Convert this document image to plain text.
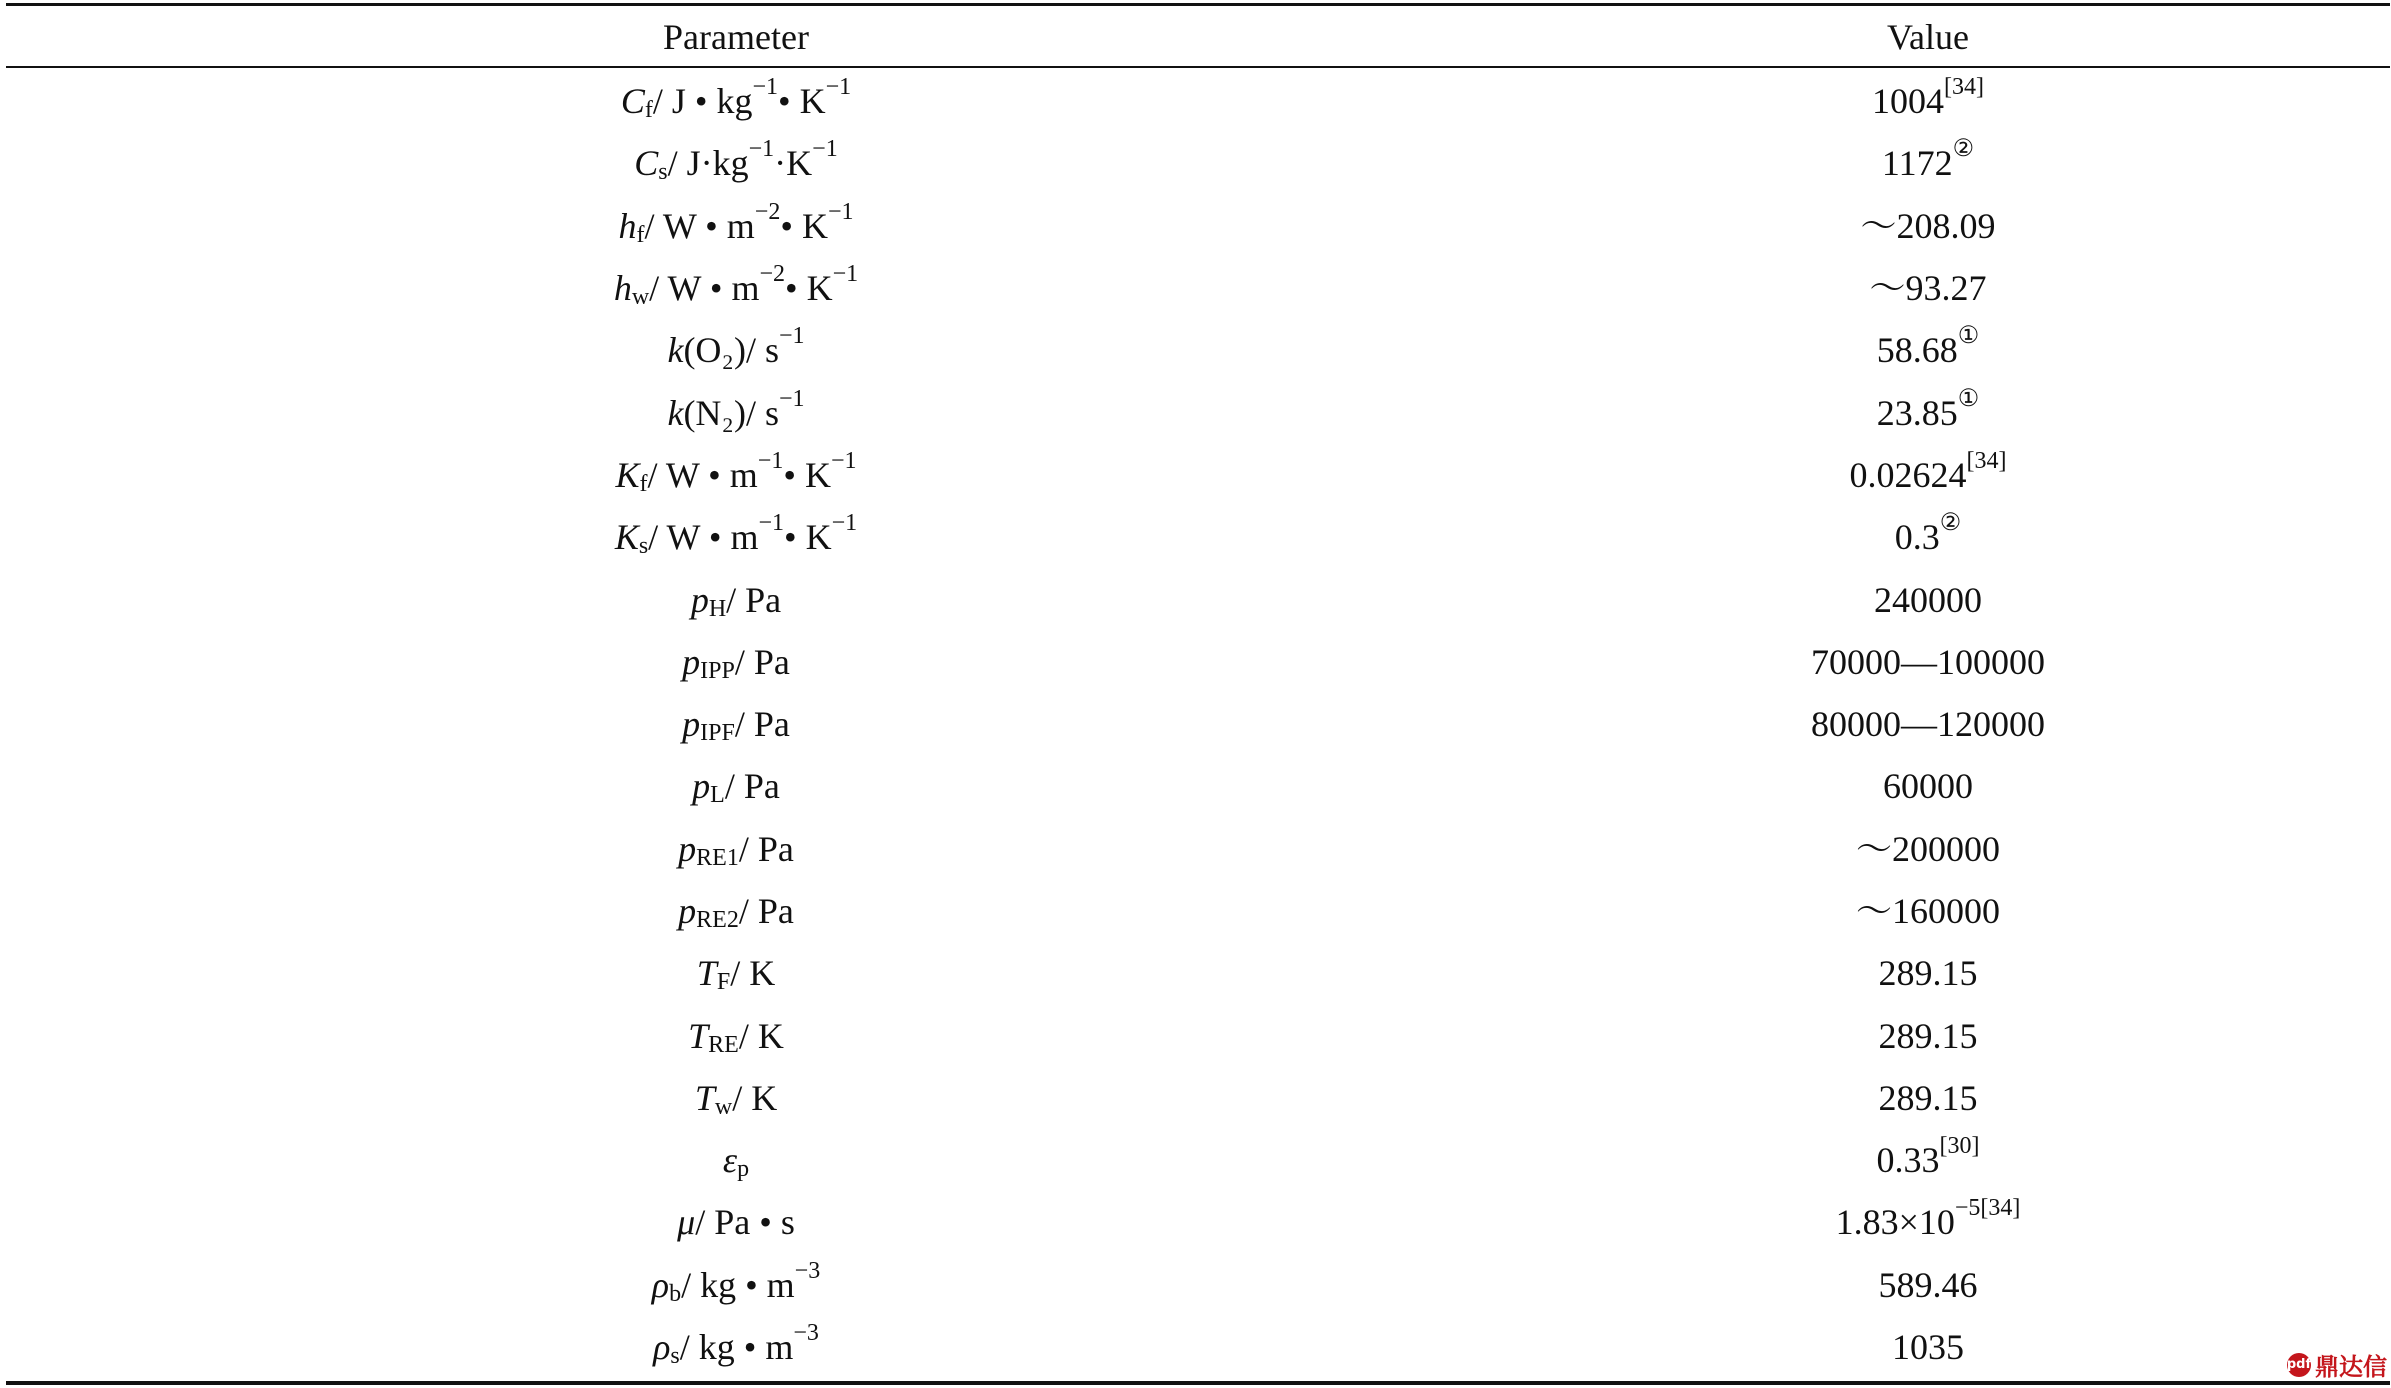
Parameter	Value
C f / J • kg −1 • K −1	1004 [34]
C s / J·kg −1 ·K −1	1172 ②
h f / W • m −2 • K −1	～208.09
h w / W • m −2 • K −1	～93.27
k (O₂)/ s −1	58.68 ①
k (N₂)/ s −1	23.85 ①
K f / W • m −1 • K −1	0.02624 [34]
K s / W • m −1 • K −1	0.3 ②
p H / Pa	240000
p IPP / Pa	70000—100000
p IPF / Pa	80000—120000
p L / Pa	60000
p RE1 / Pa	～200000
p RE2 / Pa	～160000
T F / K	289.15
T RE / K	289.15
T w / K	289.15
ε p	0.33 [30]
μ / Pa • s	1.83×10 −5[34]
ρ b / kg • m −3	589.46
ρ s / kg • m −3	1035	pdf 鼎达信
